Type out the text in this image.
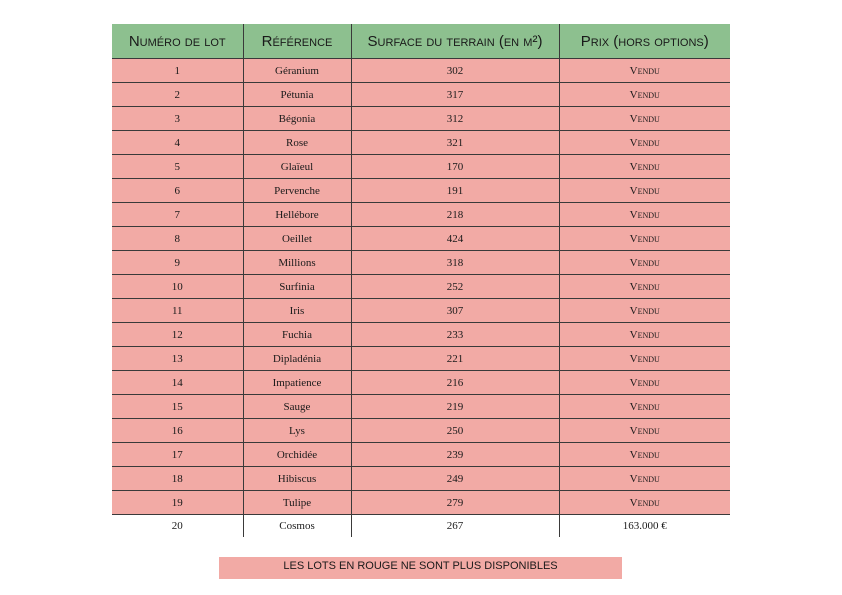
Numéro de lot	Référence	Surface du terrain (en m²)	Prix (hors options)
1	Géranium	302	Vendu
2	Pétunia	317	Vendu
3	Bégonia	312	Vendu
4	Rose	321	Vendu
5	Glaïeul	170	Vendu
6	Pervenche	191	Vendu
7	Hellébore	218	Vendu
8	Oeillet	424	Vendu
9	Millions	318	Vendu
10	Surfinia	252	Vendu
11	Iris	307	Vendu
12	Fuchia	233	Vendu
13	Dipladénia	221	Vendu
14	Impatience	216	Vendu
15	Sauge	219	Vendu
16	Lys	250	Vendu
17	Orchidée	239	Vendu
18	Hibiscus	249	Vendu
19	Tulipe	279	Vendu
20	Cosmos	267	163.000 €
LES LOTS EN ROUGE NE SONT PLUS DISPONIBLES
